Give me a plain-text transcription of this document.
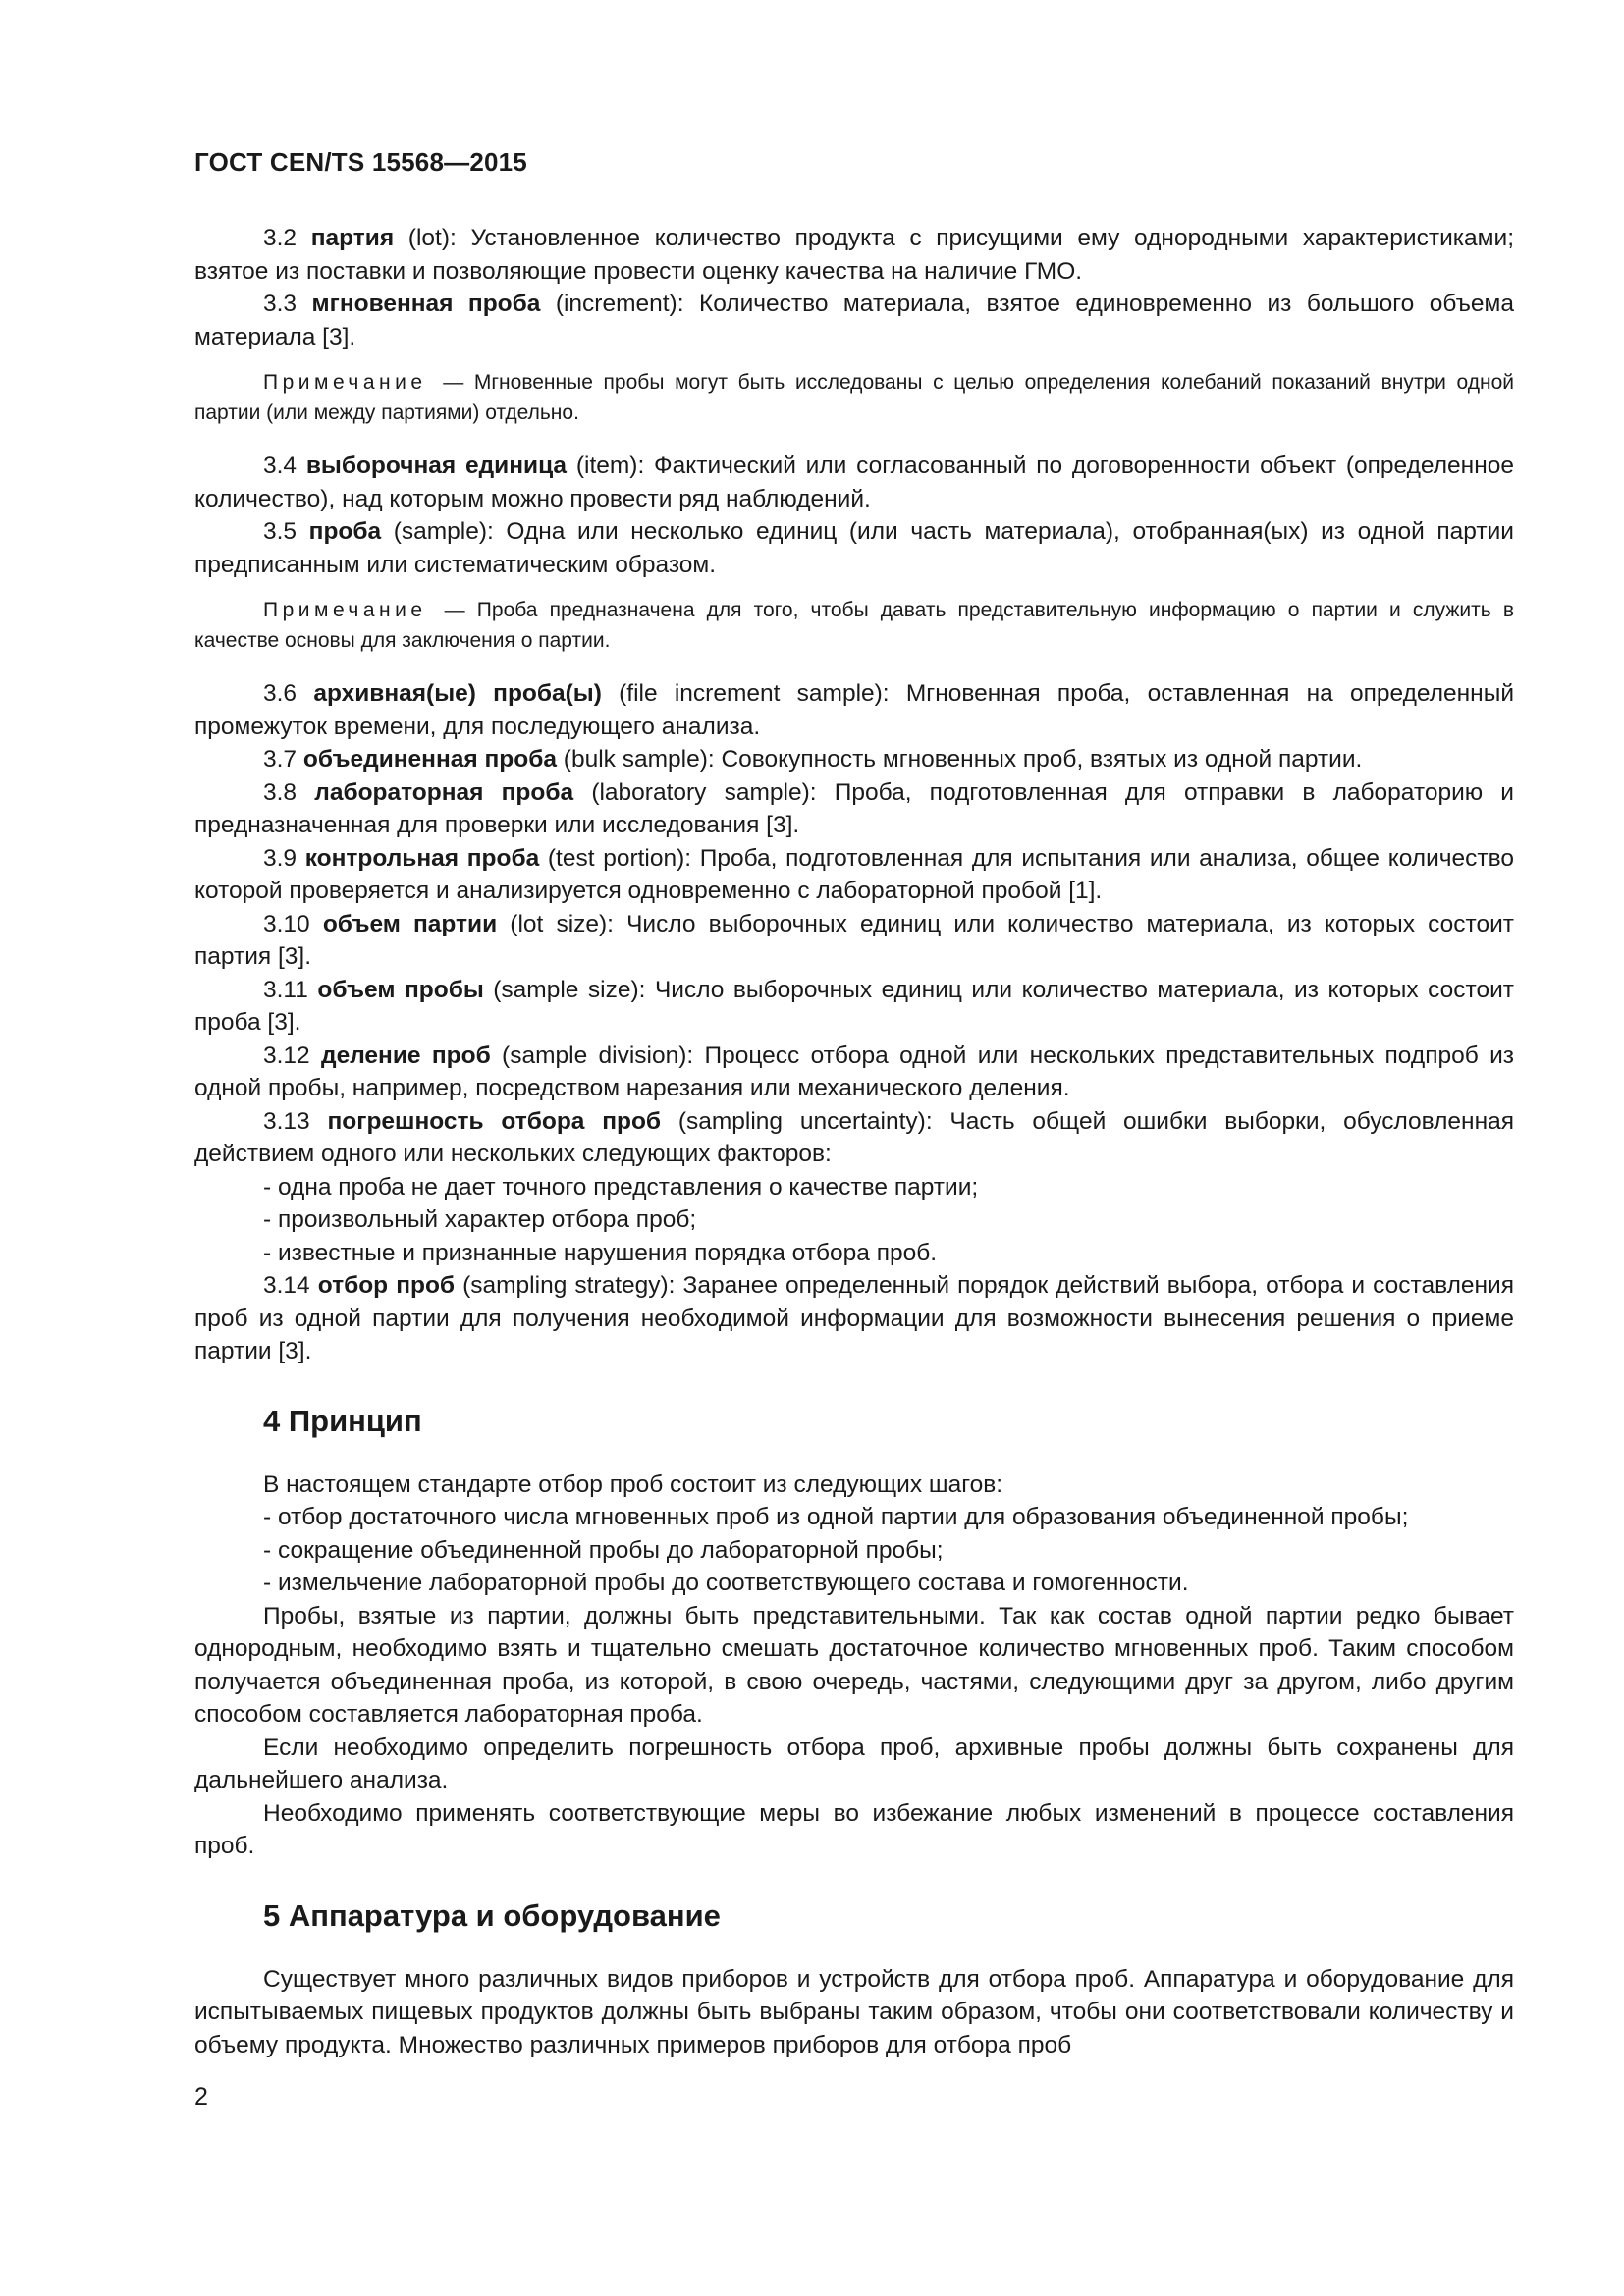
ГОСТ CEN/TS 15568—2015

3.2 партия (lot): Установленное количество продукта с присущими ему однородными характеристиками; взятое из поставки и позволяющие провести оценку качества на наличие ГМО.

3.3 мгновенная проба (increment): Количество материала, взятое единовременно из большого объема материала [3].

Примечание — Мгновенные пробы могут быть исследованы с целью определения колебаний показаний внутри одной партии (или между партиями) отдельно.

3.4 выборочная единица (item): Фактический или согласованный по договоренности объект (определенное количество), над которым можно провести ряд наблюдений.

3.5 проба (sample): Одна или несколько единиц (или часть материала), отобранная(ых) из одной партии предписанным или систематическим образом.

Примечание — Проба предназначена для того, чтобы давать представительную информацию о партии и служить в качестве основы для заключения о партии.

3.6 архивная(ые) проба(ы) (file increment sample): Мгновенная проба, оставленная на определенный промежуток времени, для последующего анализа.

3.7 объединенная проба (bulk sample): Совокупность мгновенных проб, взятых из одной партии.

3.8 лабораторная проба (laboratory sample): Проба, подготовленная для отправки в лабораторию и предназначенная для проверки или исследования [3].

3.9 контрольная проба (test portion): Проба, подготовленная для испытания или анализа, общее количество которой проверяется и анализируется одновременно с лабораторной пробой [1].

3.10 объем партии (lot size): Число выборочных единиц или количество материала, из которых состоит партия [3].

3.11 объем пробы (sample size): Число выборочных единиц или количество материала, из которых состоит проба [3].

3.12 деление проб (sample division): Процесс отбора одной или нескольких представительных подпроб из одной пробы, например, посредством нарезания или механического деления.

3.13 погрешность отбора проб (sampling uncertainty): Часть общей ошибки выборки, обусловленная действием одного или нескольких следующих факторов:

- одна проба не дает точного представления о качестве партии;

- произвольный характер отбора проб;

- известные и признанные нарушения порядка отбора проб.

3.14 отбор проб (sampling strategy): Заранее определенный порядок действий выбора, отбора и составления проб из одной партии для получения необходимой информации для возможности вынесения решения о приеме партии [3].

4 Принцип

В настоящем стандарте отбор проб состоит из следующих шагов:

- отбор достаточного числа мгновенных проб из одной партии для образования объединенной пробы;

- сокращение объединенной пробы до лабораторной пробы;

- измельчение лабораторной пробы до соответствующего состава и гомогенности.

Пробы, взятые из партии, должны быть представительными. Так как состав одной партии редко бывает однородным, необходимо взять и тщательно смешать достаточное количество мгновенных проб. Таким способом получается объединенная проба, из которой, в свою очередь, частями, следующими друг за другом, либо другим способом составляется лабораторная проба.

Если необходимо определить погрешность отбора проб, архивные пробы должны быть сохранены для дальнейшего анализа.

Необходимо применять соответствующие меры во избежание любых изменений в процессе составления проб.

5 Аппаратура и оборудование

Существует много различных видов приборов и устройств для отбора проб. Аппаратура и оборудование для испытываемых пищевых продуктов должны быть выбраны таким образом, чтобы они соответствовали количеству и объему продукта. Множество различных примеров приборов для отбора проб

2
